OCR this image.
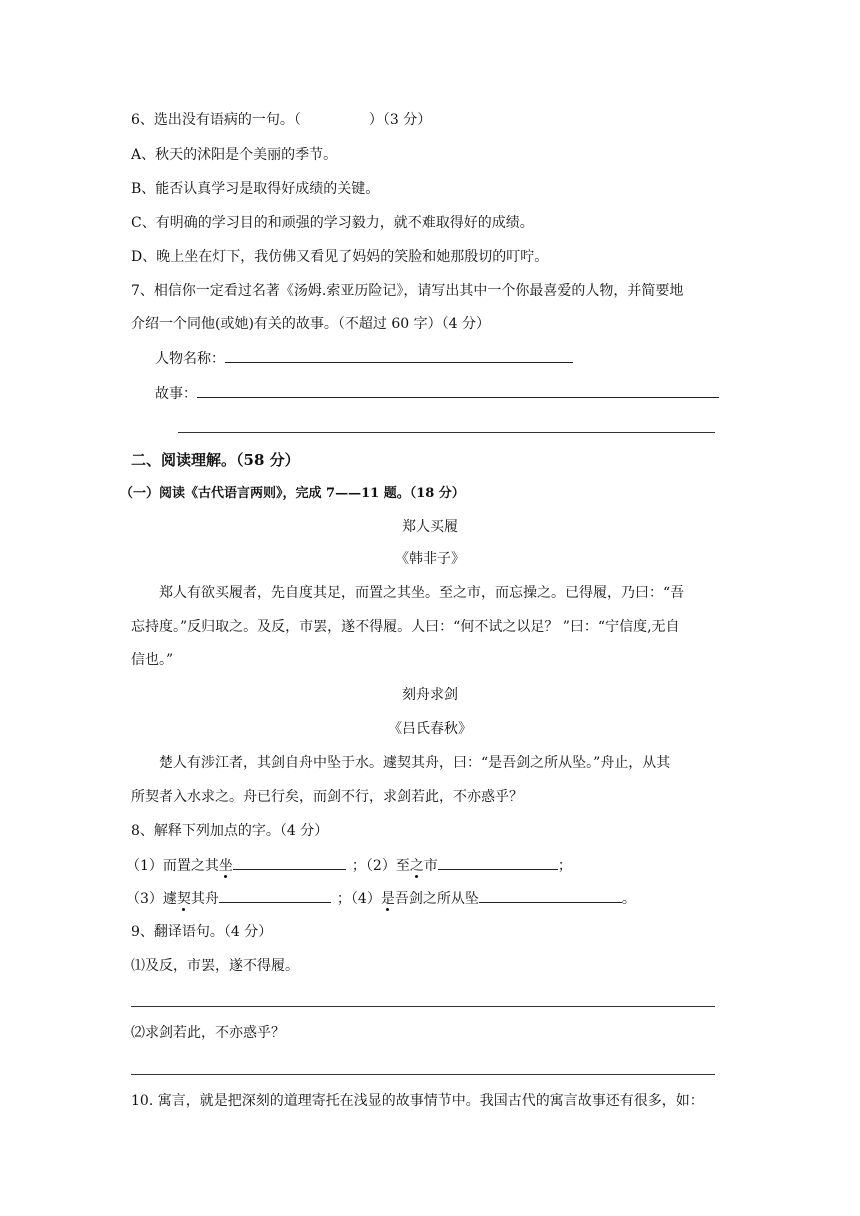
6、选出没有语病的一句。（	）（3 分）
A、秋天的沭阳是个美丽的季节。
B、能否认真学习是取得好成绩的关键。
C、有明确的学习目的和顽强的学习毅力，就不难取得好的成绩。
D、晚上坐在灯下，我仿佛又看见了妈妈的笑脸和她那殷切的叮咛。
7、相信你一定看过名著《汤姆.索亚历险记》，请写出其中一个你最喜爱的人物，并简要地
介绍一个同他(或她)有关的故事。（不超过 60 字）（4 分）
人物名称：
故事：
二、阅读理解。（58 分）
（一）阅读《古代语言两则》，完成 7——11 题。（18 分）
郑人买履
《韩非子》
郑人有欲买履者，先自度其足，而置之其坐。至之市，而忘操之。已得履，乃曰：“吾
忘持度。”反归取之。及反，市罢，遂不得履。人曰：“何不试之以足？ ”曰：“宁信度,无自
信也。”
刻舟求剑
《吕氏春秋》
楚人有涉江者，其剑自舟中坠于水。遽契其舟，曰：“是吾剑之所从坠。”舟止，从其
所契者入水求之。舟已行矣，而剑不行，求剑若此，不亦惑乎？
8、解释下列加点的字。（4 分）
（1）而置之其坐	；（2）至之市	；
（3）遽契其舟	；（4）是吾剑之所从坠	。
9、翻译语句。（4 分）
⑴及反，市罢，遂不得履。
⑵求剑若此，不亦惑乎？
10. 寓言，就是把深刻的道理寄托在浅显的故事情节中。我国古代的寓言故事还有很多，如：
